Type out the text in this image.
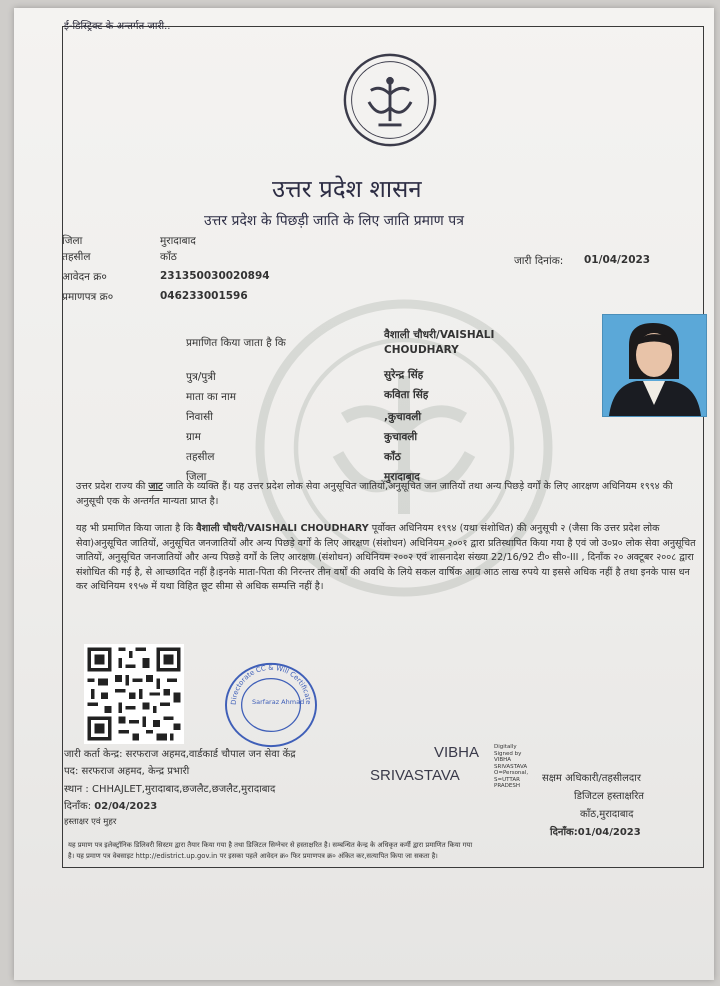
ई-डिस्ट्रिक्ट के अन्तर्गत जारी..
उत्तर प्रदेश शासन
उत्तर प्रदेश के पिछड़ी जाति के लिए जाति प्रमाण पत्र
जिला	मुरादाबाद
तहसील	काँठ
आवेदन क्र०	231350030020894
प्रमाणपत्र क्र०	046233001596
जारी दिनांक: 01/04/2023
प्रमाणित किया जाता है कि
वैशाली चौधरी/VAISHALI
CHOUDHARY
पुत्र/पुत्री	सुरेन्द्र सिंह
माता का नाम	कविता सिंह
निवासी	,कुचावली
ग्राम	कुचावली
तहसील	काँठ
जिला	मुरादाबाद
उत्तर प्रदेश राज्य की जाट जाति के व्यक्ति हैं। यह उत्तर प्रदेश लोक सेवा अनुसूचित जातियों,अनुसूचित जन जातियों तथा अन्य पिछड़े वर्गों के लिए आरक्षण अधिनियम १९९४ की अनुसूची एक के अन्तर्गत मान्यता प्राप्त है।
यह भी प्रमाणित किया जाता है कि वैशाली चौधरी/VAISHALI CHOUDHARY पूर्वोक्त अधिनियम १९९४ (यथा संशोधित) की अनुसूची २ (जैसा कि उत्तर प्रदेश लोक सेवा)अनुसूचित जातियों, अनुसूचित जनजातियों और अन्य पिछड़े वर्गों के लिए आरक्षण (संशोधन) अधिनियम २००१ द्वारा प्रतिस्थापित किया गया है एवं जो उ०प्र० लोक सेवा अनुसूचित जातियों, अनुसूचित जनजातियों और अन्य पिछड़े वर्गों के लिए आरक्षण (संशोधन) अधिनियम २००२ एवं शासनादेश संख्या 22/16/92 टी० सी०-III , दिनाँक २० अक्टूबर २००८ द्वारा संशोधित की गई है, से आच्छादित नहीं है।इनके माता-पिता की निरन्तर तीन वर्षों की अवधि के लिये सकल वार्षिक आय आठ लाख रुपये या इससे अधिक नहीं है तथा इनके पास धन कर अधिनियम १९५७ में यथा विहित छूट सीमा से अधिक सम्पत्ति नहीं है।
Directorate CC & Will Certificate
Sarfaraz Ahmad
जारी कर्ता केन्द्र: सरफराज अहमद,वार्डकार्ड चौपाल जन सेवा केंद्र
पद: सरफराज अहमद, केन्द्र प्रभारी
स्थान : CHHAJLET,मुरादाबाद,छजलैट,छजलैट,मुरादाबाद
दिनाँक: 02/04/2023
हस्ताक्षर एवं मुहर
VIBHA
SRIVASTAVA
Digitally
Signed by
VIBHA
SRIVASTAVA
O=Personal,
S=UTTAR
PRADESH
सक्षम अधिकारी/तहसीलदार
डिजिटल हस्ताक्षरित
काँठ,मुरादाबाद
दिनाँक:01/04/2023
यह प्रमाण पत्र इलेक्ट्रॉनिक डिलिवरी सिस्टम द्वारा तैयार किया गया है तथा डिजिटल सिग्नेचर से हस्ताक्षरित है। सम्बन्धित केन्द्र के अधिकृत कर्मी द्वारा प्रमाणित किया गया
है। यह प्रमाण पत्र वेबसाइट http://edistrict.up.gov.in पर इसका पहले आवेदन क्र० फिर प्रमाणपत्र क्र० अंकित कर,सत्यापित किया जा सकता है।
